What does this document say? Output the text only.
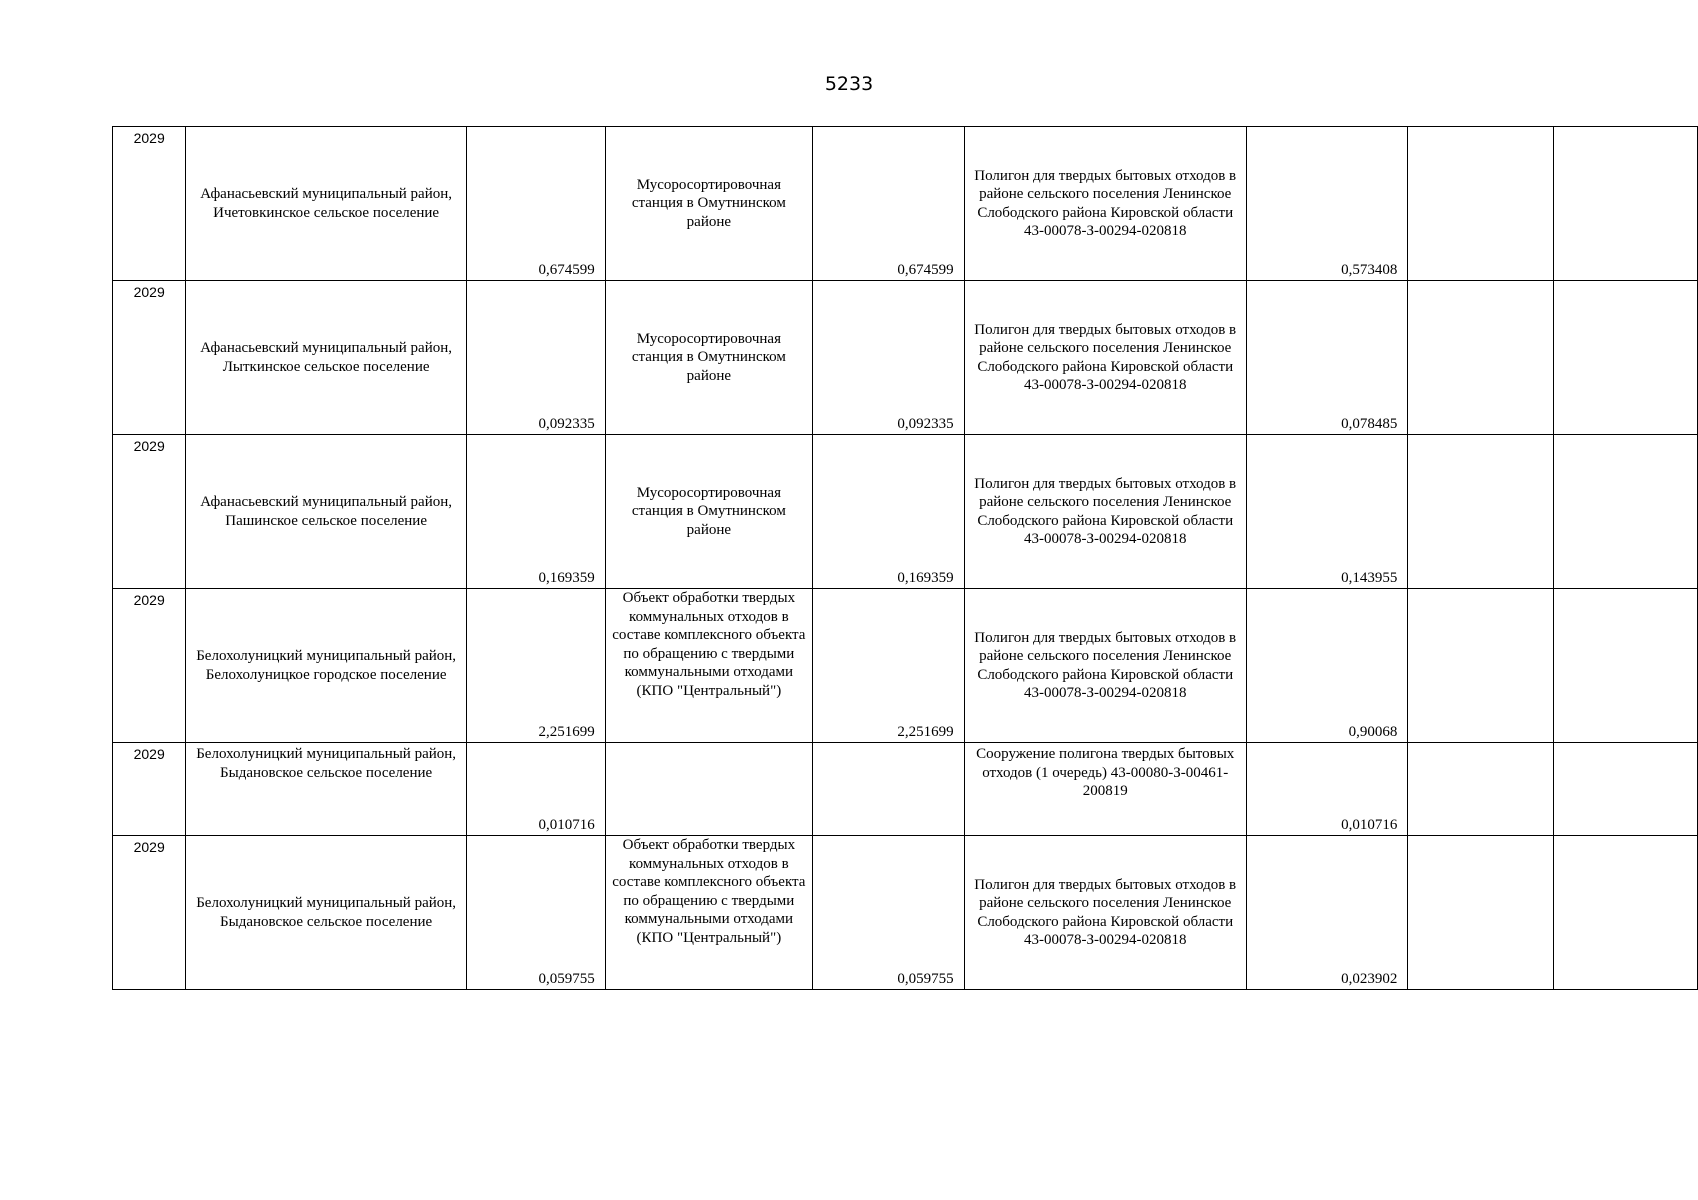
5233
2029	Афанасьевский муниципальный район, Ичетовкинское сельское поселение	0,674599	Мусоросортировочная станция в Омутнинском районе	0,674599	Полигон для твердых бытовых отходов в районе сельского поселения Ленинское Слободского района Кировской области 43-00078-З-00294-020818	0,573408		

2029	Афанасьевский муниципальный район, Лыткинское сельское поселение	0,092335	Мусоросортировочная станция в Омутнинском районе	0,092335	Полигон для твердых бытовых отходов в районе сельского поселения Ленинское Слободского района Кировской области 43-00078-З-00294-020818	0,078485		

2029	Афанасьевский муниципальный район, Пашинское сельское поселение	0,169359	Мусоросортировочная станция в Омутнинском районе	0,169359	Полигон для твердых бытовых отходов в районе сельского поселения Ленинское Слободского района Кировской области 43-00078-З-00294-020818	0,143955		

2029	Белохолуницкий муниципальный район, Белохолуницкое городское поселение	2,251699	Объект обработки твердых коммунальных отходов в составе комплексного объекта по обращению с твердыми коммунальными отходами (КПО "Центральный")	2,251699	Полигон для твердых бытовых отходов в районе сельского поселения Ленинское Слободского района Кировской области 43-00078-З-00294-020818	0,90068		

2029	Белохолуницкий муниципальный район, Быдановское сельское поселение	0,010716			Сооружение полигона твердых бытовых отходов (1 очередь) 43-00080-З-00461-200819	0,010716		

2029	Белохолуницкий муниципальный район, Быдановское сельское поселение	0,059755	Объект обработки твердых коммунальных отходов в составе комплексного объекта по обращению с твердыми коммунальными отходами (КПО "Центральный")	0,059755	Полигон для твердых бытовых отходов в районе сельского поселения Ленинское Слободского района Кировской области 43-00078-З-00294-020818	0,023902		
